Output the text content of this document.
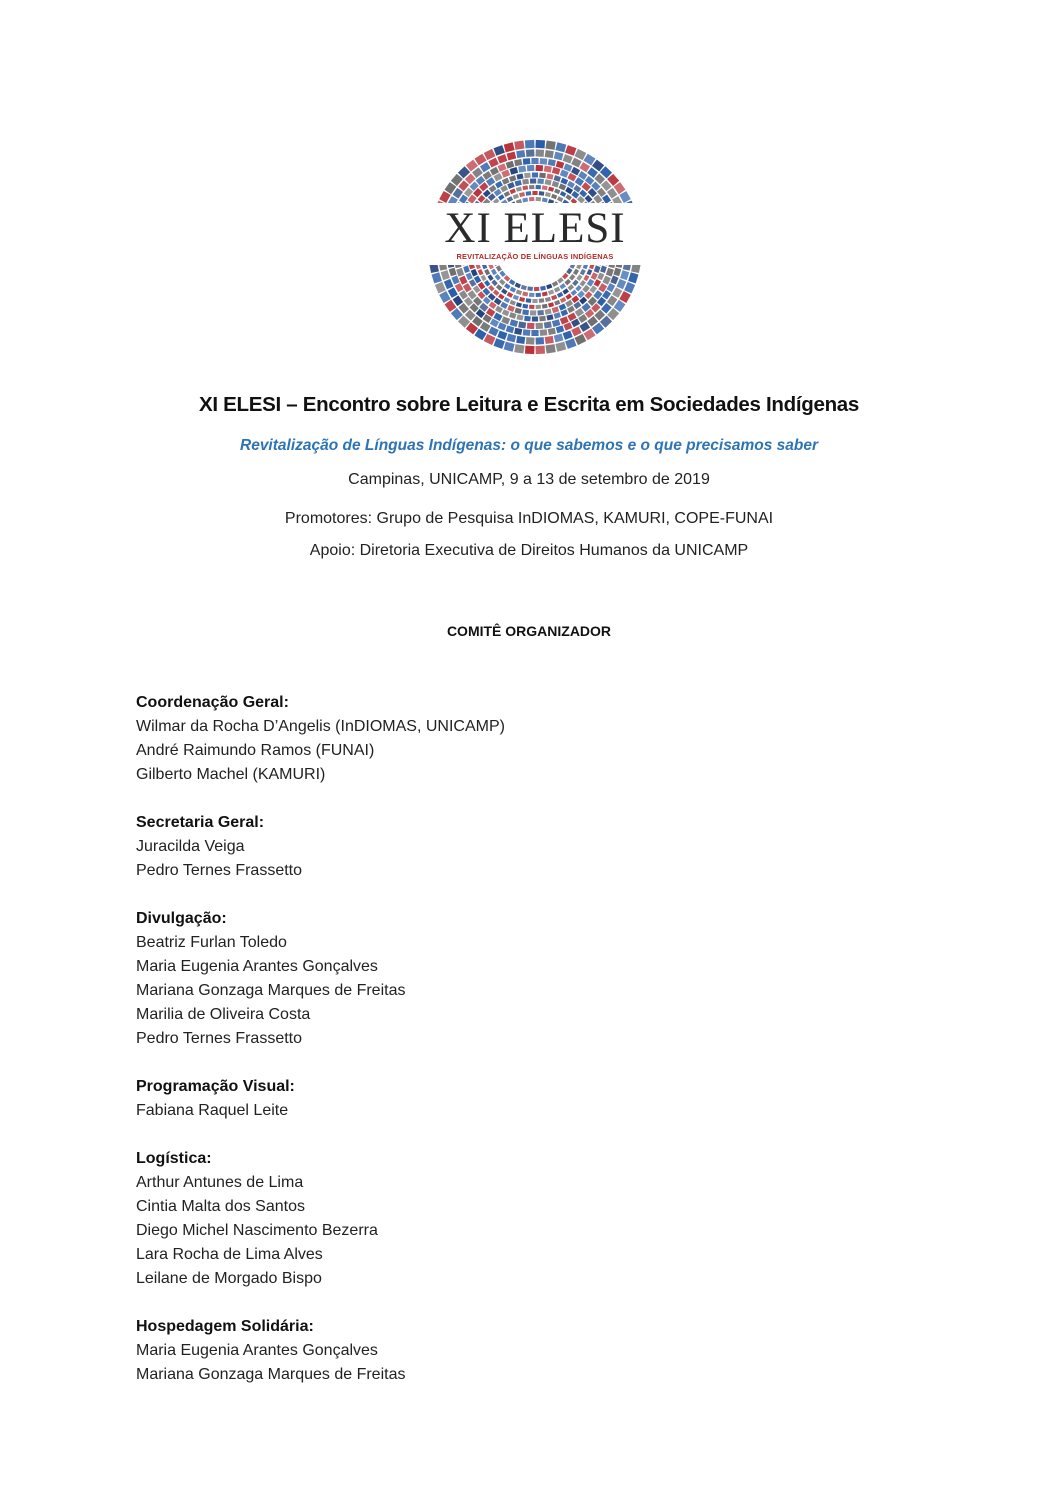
XI ELESI
REVITALIZAÇÃO DE LÍNGUAS INDÍGENAS
XI ELESI – Encontro sobre Leitura e Escrita em Sociedades Indígenas
Revitalização de Línguas Indígenas: o que sabemos e o que precisamos saber
Campinas, UNICAMP, 9 a 13 de setembro de 2019
Promotores: Grupo de Pesquisa InDIOMAS, KAMURI, COPE-FUNAI
Apoio: Diretoria Executiva de Direitos Humanos da UNICAMP
COMITÊ ORGANIZADOR
Coordenação Geral:
Wilmar da Rocha D’Angelis (InDIOMAS, UNICAMP)
André Raimundo Ramos (FUNAI)
Gilberto Machel (KAMURI)
Secretaria Geral:
Juracilda Veiga
Pedro Ternes Frassetto
Divulgação:
Beatriz Furlan Toledo
Maria Eugenia Arantes Gonçalves
Mariana Gonzaga Marques de Freitas
Marilia de Oliveira Costa
Pedro Ternes Frassetto
Programação Visual:
Fabiana Raquel Leite
Logística:
Arthur Antunes de Lima
Cintia Malta dos Santos
Diego Michel Nascimento Bezerra
Lara Rocha de Lima Alves
Leilane de Morgado Bispo
Hospedagem Solidária:
Maria Eugenia Arantes Gonçalves
Mariana Gonzaga Marques de Freitas
